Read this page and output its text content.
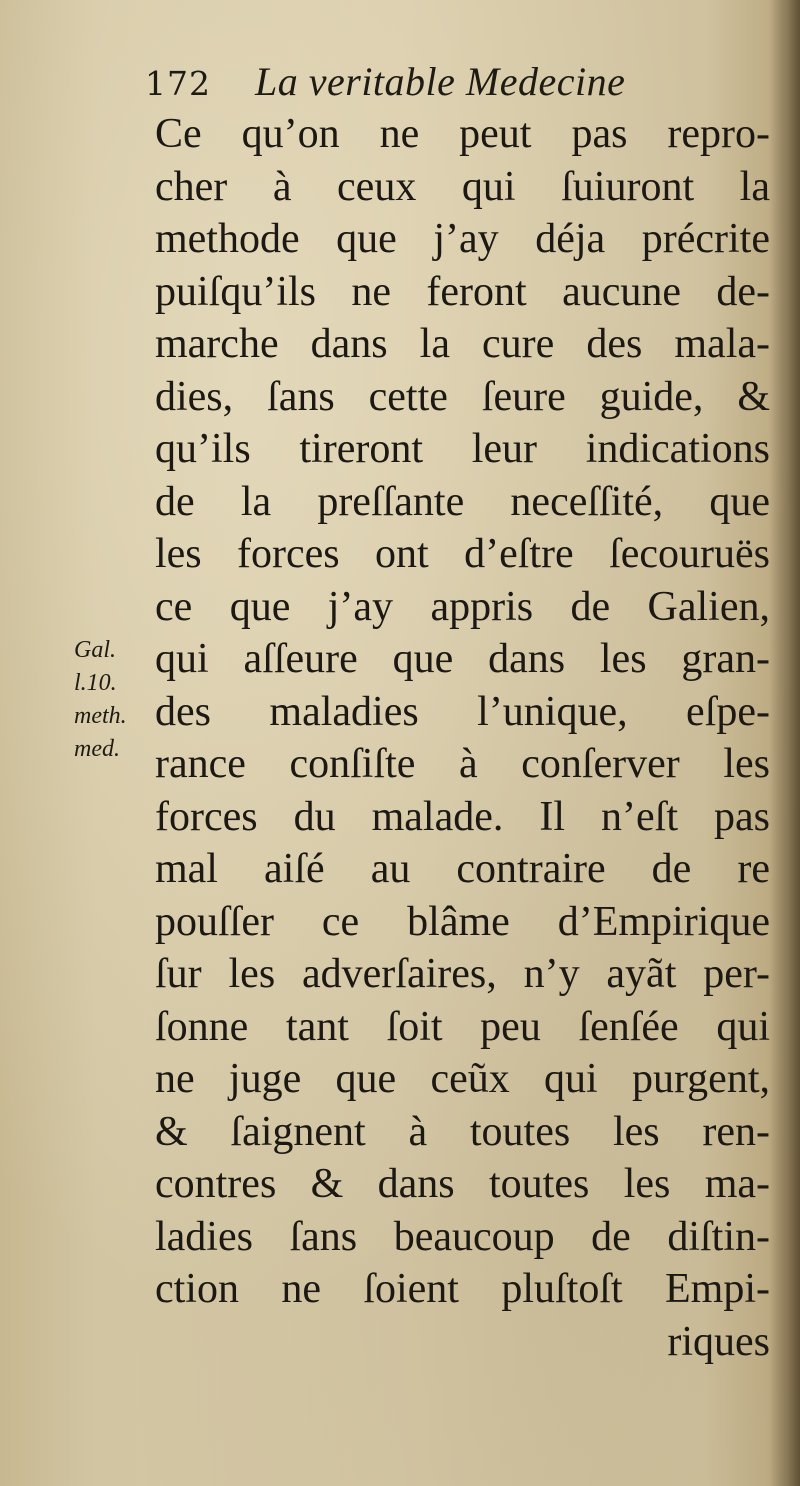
172 La veritable Medecine
Gal.
l.10.
meth.
med.
Ce qu’on ne peut pas repro-
cher à ceux qui ſuiuront la
methode que j’ay déja précrite
puiſqu’ils ne feront aucune de-
marche dans la cure des mala-
dies, ſans cette ſeure guide, &
qu’ils tireront leur indications
de la preſſante neceſſité, que
les forces ont d’eſtre ſecouruës
ce que j’ay appris de Galien,
qui aſſeure que dans les gran-
des maladies l’unique, eſpe-
rance conſiſte à conſerver les
forces du malade. Il n’eſt pas
mal aiſé au contraire de re
pouſſer ce blâme d’Empirique
ſur les adverſaires, n’y ayãt per-
ſonne tant ſoit peu ſenſée qui
ne juge que ceũx qui purgent,
& ſaignent à toutes les ren-
contres & dans toutes les ma-
ladies ſans beaucoup de diſtin-
ction ne ſoient pluſtoſt Empi-
riques
